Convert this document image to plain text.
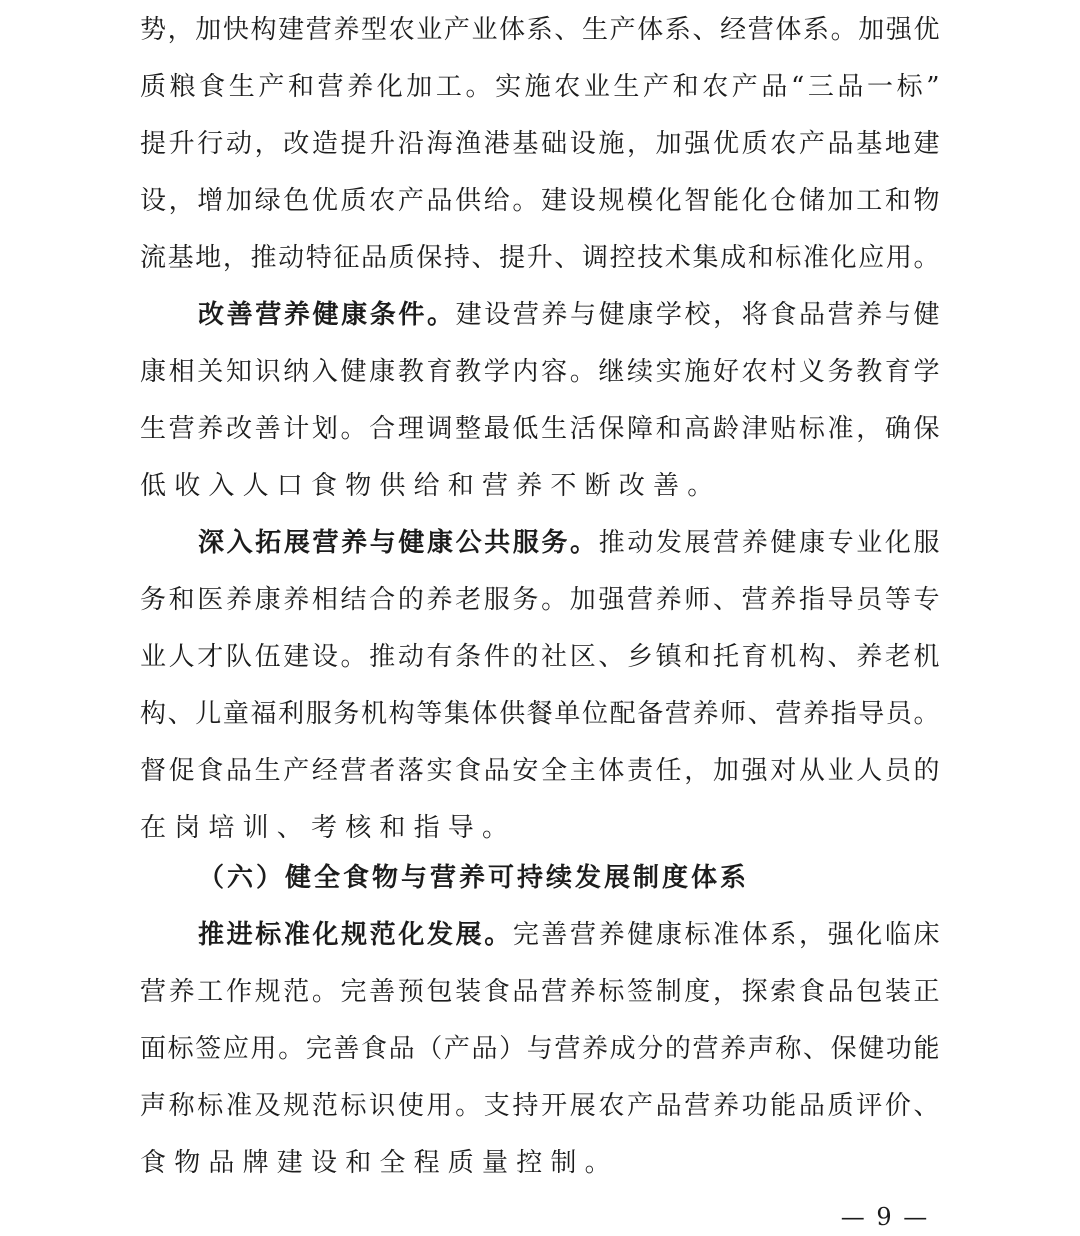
势，加快构建营养型农业产业体系、生产体系、经营体系。加强优
质粮食生产和营养化加工。实施农业生产和农产品“三品一标”
提升行动，改造提升沿海渔港基础设施，加强优质农产品基地建
设，增加绿色优质农产品供给。建设规模化智能化仓储加工和物
流基地，推动特征品质保持、提升、调控技术集成和标准化应用。
改善营养健康条件。建设营养与健康学校，将食品营养与健
康相关知识纳入健康教育教学内容。继续实施好农村义务教育学
生营养改善计划。合理调整最低生活保障和高龄津贴标准，确保
低收入人口食物供给和营养不断改善。
深入拓展营养与健康公共服务。推动发展营养健康专业化服
务和医养康养相结合的养老服务。加强营养师、营养指导员等专
业人才队伍建设。推动有条件的社区、乡镇和托育机构、养老机
构、儿童福利服务机构等集体供餐单位配备营养师、营养指导员。
督促食品生产经营者落实食品安全主体责任，加强对从业人员的
在岗培训、考核和指导。
（六）健全食物与营养可持续发展制度体系
推进标准化规范化发展。完善营养健康标准体系，强化临床
营养工作规范。完善预包装食品营养标签制度，探索食品包装正
面标签应用。完善食品（产品）与营养成分的营养声称、保健功能
声称标准及规范标识使用。支持开展农产品营养功能品质评价、
食物品牌建设和全程质量控制。
— 9 —
